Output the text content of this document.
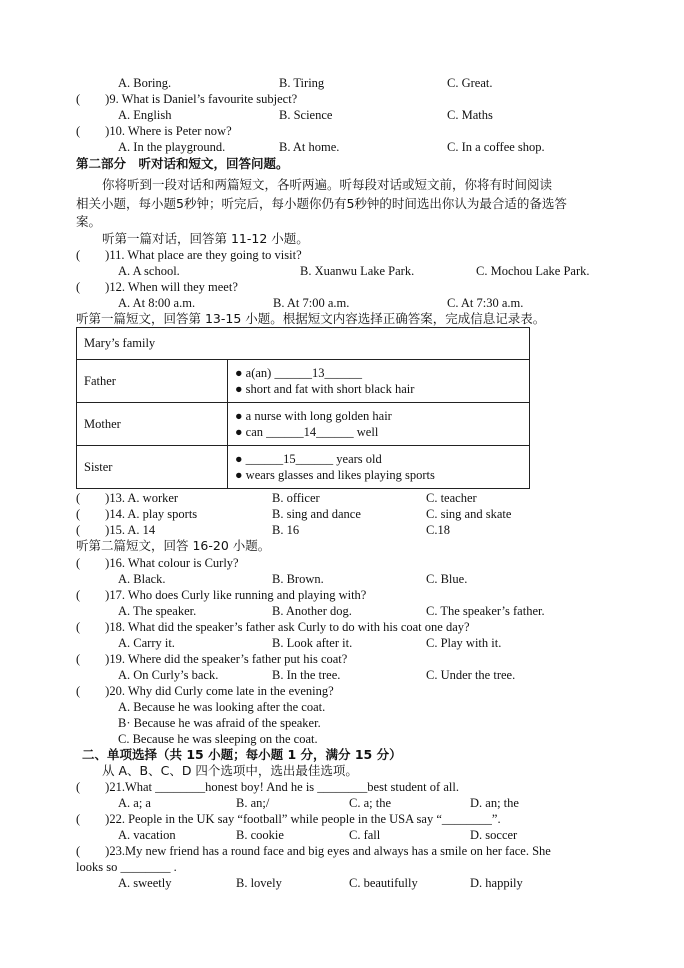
A. Boring.	B. Tiring	C. Great.
(　　)9. What is Daniel’s favourite subject?
A. English	B. Science	C. Maths
(　　)10. Where is Peter now?
A. In the playground.	B. At home.	C. In a coffee shop.
第二部分　听对话和短文，回答问题。
你将听到一段对话和两篇短文，各听两遍。听每段对话或短文前，你将有时间阅读
相关小题，每小题5秒钟；听完后，每小题你仍有5秒钟的时间选出你认为最合适的备选答
案。
听第一篇对话，回答第 11-12 小题。
(　　)11. What place are they going to visit?
A. A school.	B. Xuanwu Lake Park.	C. Mochou Lake Park.
(　　)12. When will they meet?
A. At 8:00 a.m.	B. At 7:00 a.m.	C. At 7:30 a.m.
听第一篇短文，回答第 13-15 小题。根据短文内容选择正确答案，完成信息记录表。
Mary’s family	
Father	● a(an) ______13______
● short and fat with short black hair

Mother	● a nurse with long golden hair
● can ______14______ well

Sister	● ______15______ years old
● wears glasses and likes playing sports
(　　)13. A. worker	B. officer	C. teacher
(　　)14. A. play sports	B. sing and dance	C. sing and skate
(　　)15. A. 14	B. 16	C.18
听第二篇短文，回答 16-20 小题。
(　　)16. What colour is Curly?
A. Black.	B. Brown.	C. Blue.
(　　)17. Who does Curly like running and playing with?
A. The speaker.	B. Another dog.	C. The speaker’s father.
(　　)18. What did the speaker’s father ask Curly to do with his coat one day?
A. Carry it.	B. Look after it.	C. Play with it.
(　　)19. Where did the speaker’s father put his coat?
A. On Curly’s back.	B. In the tree.	C. Under the tree.
(　　)20. Why did Curly come late in the evening?
A. Because he was looking after the coat.
B· Because he was afraid of the speaker.
C. Because he was sleeping on the coat.
二、单项选择（共 15 小题；每小题 1 分，满分 15 分）
从 A、B、C、D 四个选项中，选出最佳选项。
(　　)21.What ________honest boy! And he is ________best student of all.
A. a; a	B. an;/	C. a; the	D. an; the
(　　)22. People in the UK say “football” while people in the USA say “________”.
A. vacation	B. cookie	C. fall	D. soccer
(　　)23.My new friend has a round face and big eyes and always has a smile on her face. She
looks so ________ .
A. sweetly	B. lovely	C. beautifully	D. happily
